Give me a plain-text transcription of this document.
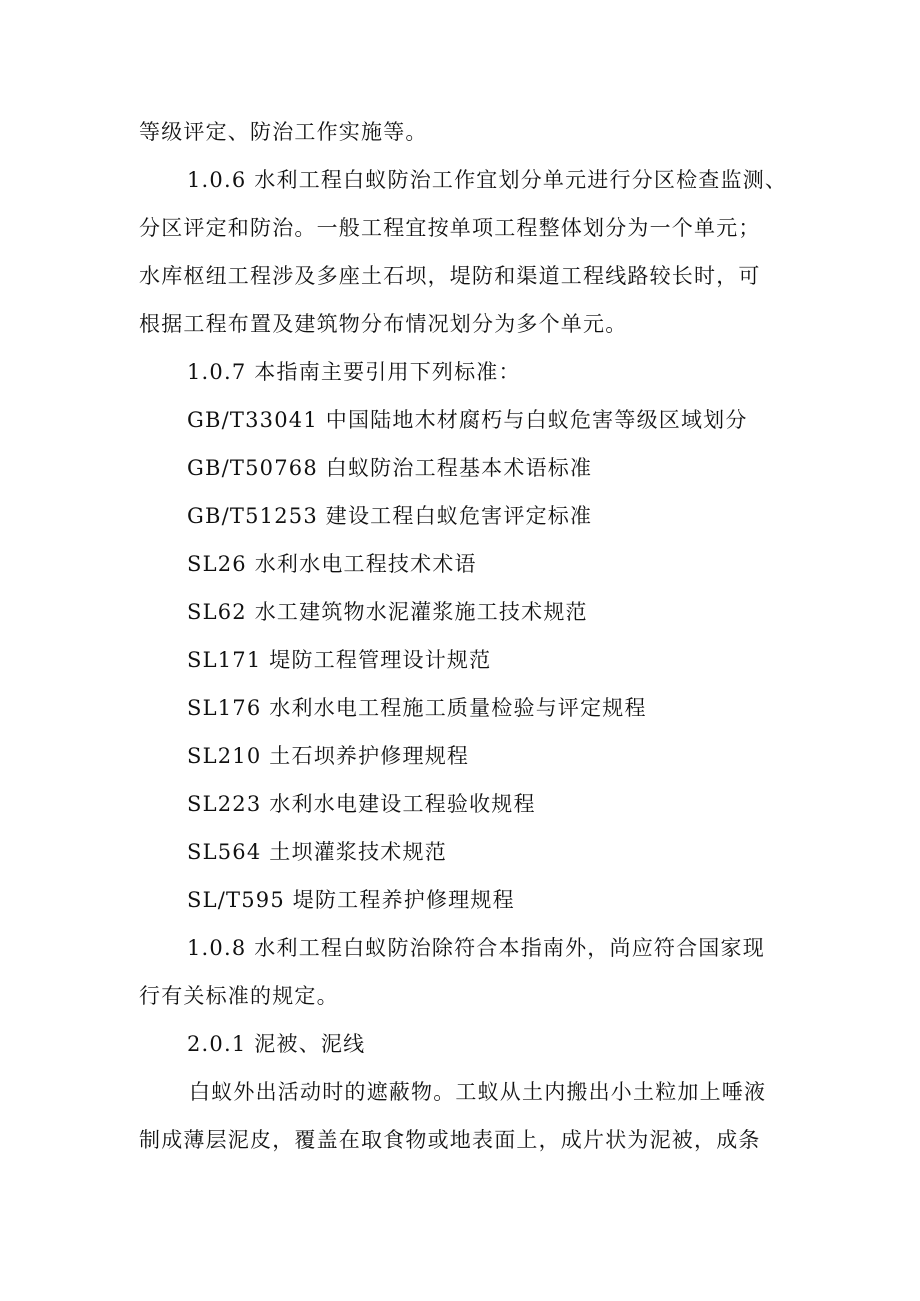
等级评定、防治工作实施等。
1.0.6 水利工程白蚁防治工作宜划分单元进行分区检查监测、
分区评定和防治。一般工程宜按单项工程整体划分为一个单元；
水库枢纽工程涉及多座土石坝，堤防和渠道工程线路较长时，可
根据工程布置及建筑物分布情况划分为多个单元。
1.0.7 本指南主要引用下列标准：
GB/T33041 中国陆地木材腐朽与白蚁危害等级区域划分
GB/T50768 白蚁防治工程基本术语标准
GB/T51253 建设工程白蚁危害评定标准
SL26 水利水电工程技术术语
SL62 水工建筑物水泥灌浆施工技术规范
SL171 堤防工程管理设计规范
SL176 水利水电工程施工质量检验与评定规程
SL210 土石坝养护修理规程
SL223 水利水电建设工程验收规程
SL564 土坝灌浆技术规范
SL/T595 堤防工程养护修理规程
1.0.8 水利工程白蚁防治除符合本指南外，尚应符合国家现
行有关标准的规定。
2.0.1 泥被、泥线
白蚁外出活动时的遮蔽物。工蚁从土内搬出小土粒加上唾液
制成薄层泥皮，覆盖在取食物或地表面上，成片状为泥被，成条
